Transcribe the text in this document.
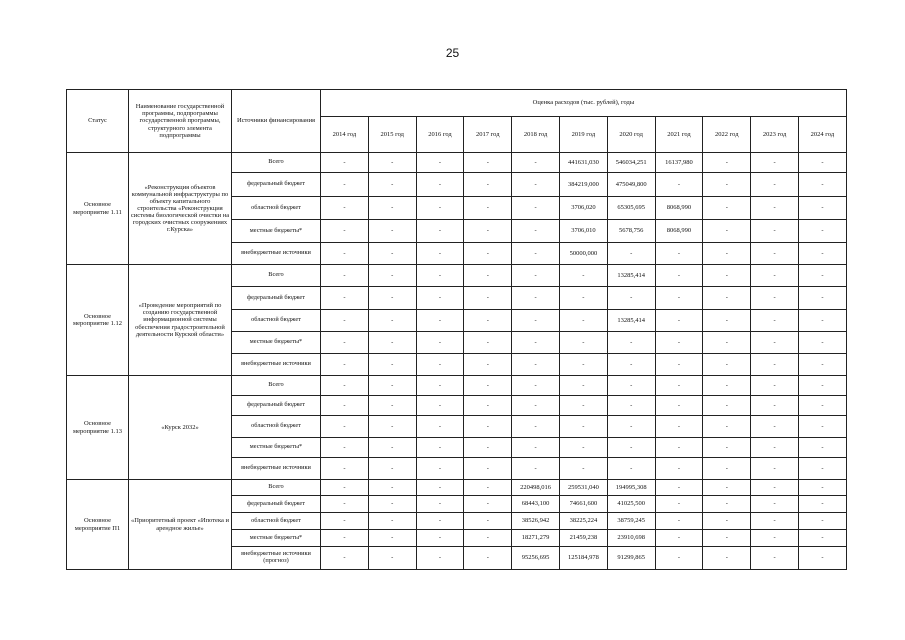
25
Статус	Наименование государственной программы, подпрограммы государственной программы, структурного элемента подпрограммы	Источники финансирования	Оценка расходов (тыс. рублей), годы										
			2014 год	2015 год	2016 год	2017 год	2018 год	2019 год	2020 год	2021 год	2022 год	2023 год	2024 год
Основное мероприятие 1.11	«Реконструкция объектов коммунальной инфраструктуры по объекту капитального строительства «Реконструкция системы биологической очистки на городских очистных сооружениях г.Курска»	Всего	-	-	-	-	-	441631,030	546034,251	16137,980	-	-	-
		федеральный бюджет	-	-	-	-	-	384219,000	475049,800	-	-	-	-
		областной бюджет	-	-	-	-	-	3706,020	65305,695	8068,990	-	-	-
		местные бюджеты*	-	-	-	-	-	3706,010	5678,756	8068,990	-	-	-
		внебюджетные источники	-	-	-	-	-	50000,000	-	-	-	-	-
Основное мероприятие 1.12	«Проведение мероприятий по созданию государственной информационной системы обеспечения градостроительной деятельности Курской области»	Всего	-	-	-	-	-	-	13285,414	-	-	-	-
		федеральный бюджет	-	-	-	-	-	-	-	-	-	-	-
		областной бюджет	-	-	-	-	-	-	13285,414	-	-	-	-
		местные бюджеты*	-	-	-	-	-	-	-	-	-	-	-
		внебюджетные источники	-	-	-	-	-	-	-	-	-	-	-
Основное мероприятие 1.13	«Курск 2032»	Всего	-	-	-	-	-	-	-	-	-	-	-
		федеральный бюджет	-	-	-	-	-	-	-	-	-	-	-
		областной бюджет	-	-	-	-	-	-	-	-	-	-	-
		местные бюджеты*	-	-	-	-	-	-	-	-	-	-	-
		внебюджетные источники	-	-	-	-	-	-	-	-	-	-	-
Основное мероприятие П1	«Приоритетный проект «Ипотека и арендное жилье»	Всего	-	-	-	-	220498,016	259531,040	194995,308	-	-	-	-
		федеральный бюджет	-	-	-	-	68443,100	74661,600	41025,500	-	-	-	-
		областной бюджет	-	-	-	-	38526,942	38225,224	38759,245	-	-	-	-
		местные бюджеты*	-	-	-	-	18271,279	21459,238	23910,698	-	-	-	-
		внебюджетные источники (прогноз)	-	-	-	-	95256,695	125184,978	91299,865	-	-	-	-
